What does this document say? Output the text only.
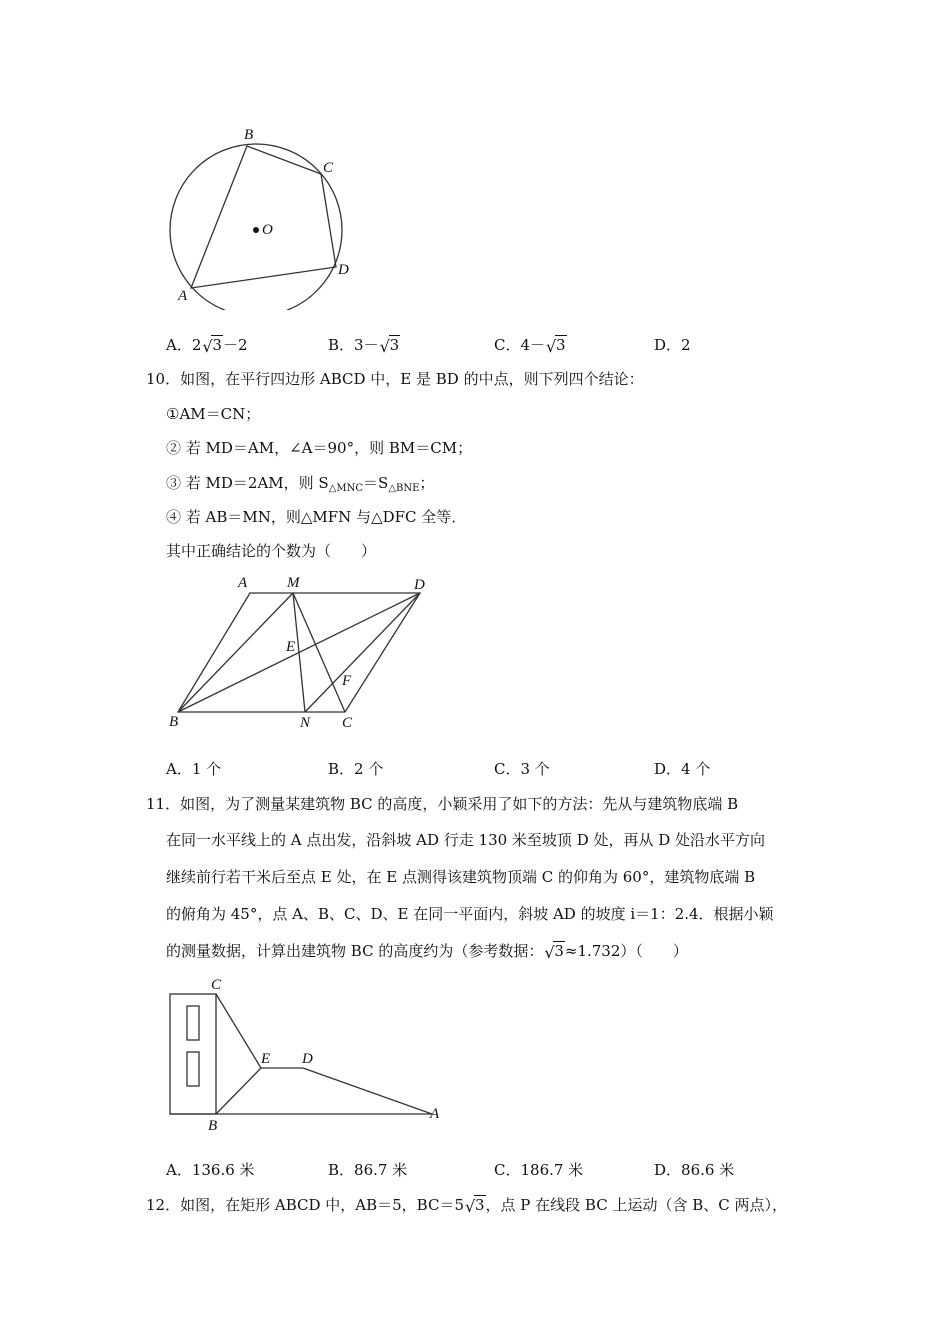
B
C
O
D
A
A．2 √ 3－2	B．3－ √ 3	C．4－ √ 3	D．2
10．如图，在平行四边形 ABCD 中，E 是 BD 的中点，则下列四个结论：
①AM＝CN；
② 若 MD＝AM，∠A＝90°，则 BM＝CM；
③ 若 MD＝2AM，则 $S_{\triangle MNC}=S_{\triangle BNE}$；
④ 若 AB＝MN，则△MFN 与△DFC 全等．
其中正确结论的个数为（　　）
A	M	D
E
F
B	N C
A．1 个	B．2 个	C．3 个	D．4 个
11．如图，为了测量某建筑物 BC 的高度，小颖采用了如下的方法：先从与建筑物底端 B
在同一水平线上的 A 点出发，沿斜坡 AD 行走 130 米至坡顶 D 处，再从 D 处沿水平方向
继续前行若干米后至点 E 处，在 E 点测得该建筑物顶端 C 的仰角为 60°，建筑物底端 B
的俯角为 45°，点 A、B、C、D、E 在同一平面内，斜坡 AD 的坡度 i＝1：2.4．根据小颖
的测量数据，计算出建筑物 BC 的高度约为（参考数据： √ 3≈1.732）（　　）
C
E D
B
A
A．136.6 米	B．86.7 米	C．186.7 米	D．86.6 米
12．如图，在矩形 ABCD 中，AB＝5，BC＝5 √ 3，点 P 在线段 BC 上运动（含 B、C 两点），
